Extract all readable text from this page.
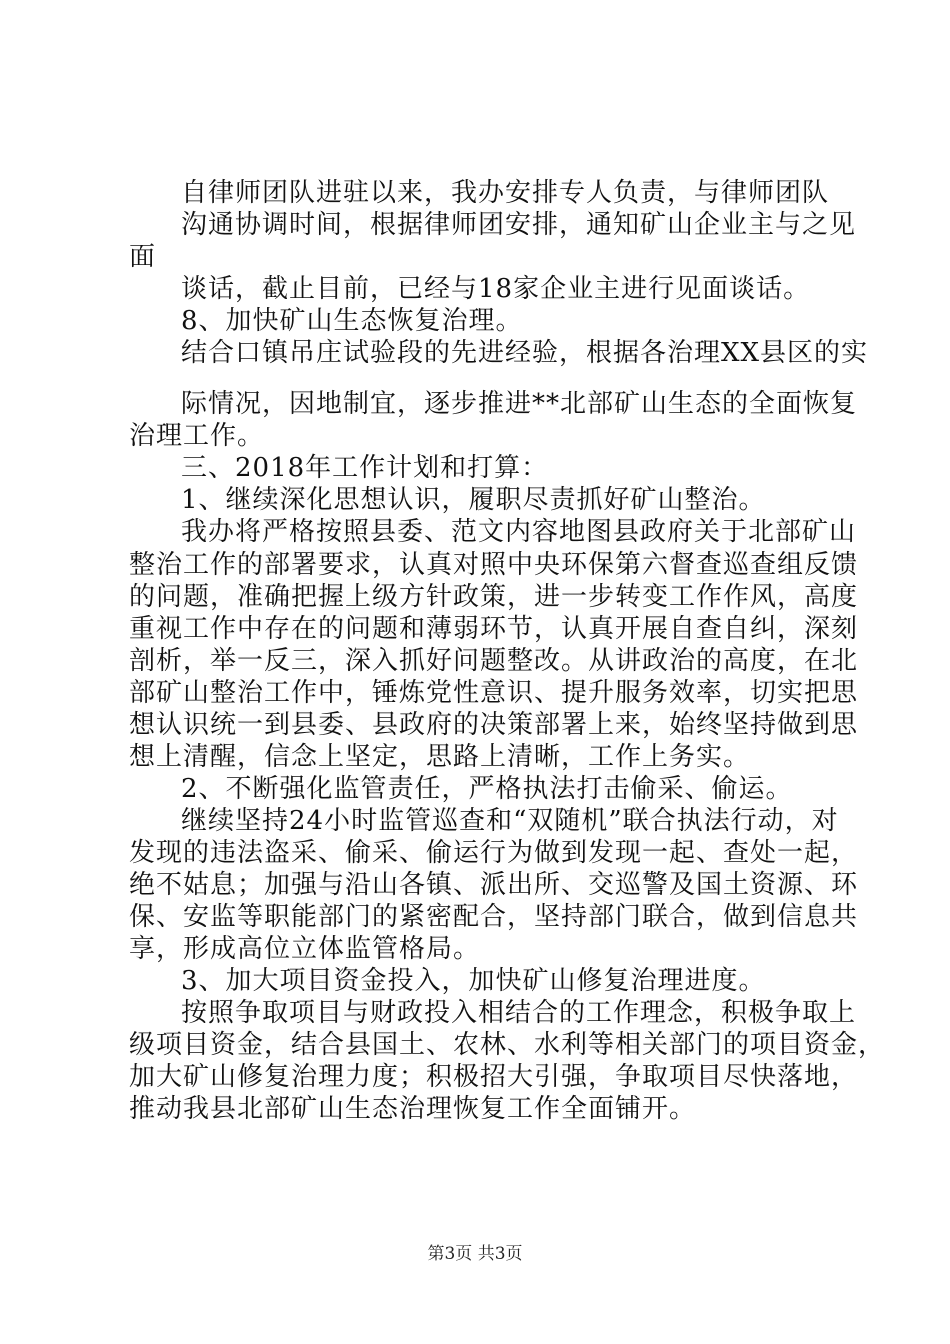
自律师团队进驻以来，我办安排专人负责，与律师团队
沟通协调时间，根据律师团安排，通知矿山企业主与之见
面
谈话，截止目前，已经与18家企业主进行见面谈话。
8、加快矿山生态恢复治理。
结合口镇吊庄试验段的先进经验，根据各治理XX县区的实
际情况，因地制宜，逐步推进**北部矿山生态的全面恢复
治理工作。
三、2018年工作计划和打算：
1、继续深化思想认识，履职尽责抓好矿山整治。
我办将严格按照县委、范文内容地图县政府关于北部矿山
整治工作的部署要求，认真对照中央环保第六督查巡查组反馈
的问题，准确把握上级方针政策，进一步转变工作作风，高度
重视工作中存在的问题和薄弱环节，认真开展自查自纠，深刻
剖析，举一反三，深入抓好问题整改。从讲政治的高度，在北
部矿山整治工作中，锤炼党性意识、提升服务效率，切实把思
想认识统一到县委、县政府的决策部署上来，始终坚持做到思
想上清醒，信念上坚定，思路上清晰，工作上务实。
2、不断强化监管责任，严格执法打击偷采、偷运。
继续坚持24小时监管巡查和“双随机”联合执法行动，对
发现的违法盗采、偷采、偷运行为做到发现一起、查处一起，
绝不姑息；加强与沿山各镇、派出所、交巡警及国土资源、环
保、安监等职能部门的紧密配合，坚持部门联合，做到信息共
享，形成高位立体监管格局。
3、加大项目资金投入，加快矿山修复治理进度。
按照争取项目与财政投入相结合的工作理念，积极争取上
级项目资金，结合县国土、农林、水利等相关部门的项目资金，
加大矿山修复治理力度；积极招大引强，争取项目尽快落地，
推动我县北部矿山生态治理恢复工作全面铺开。
第3页 共3页
